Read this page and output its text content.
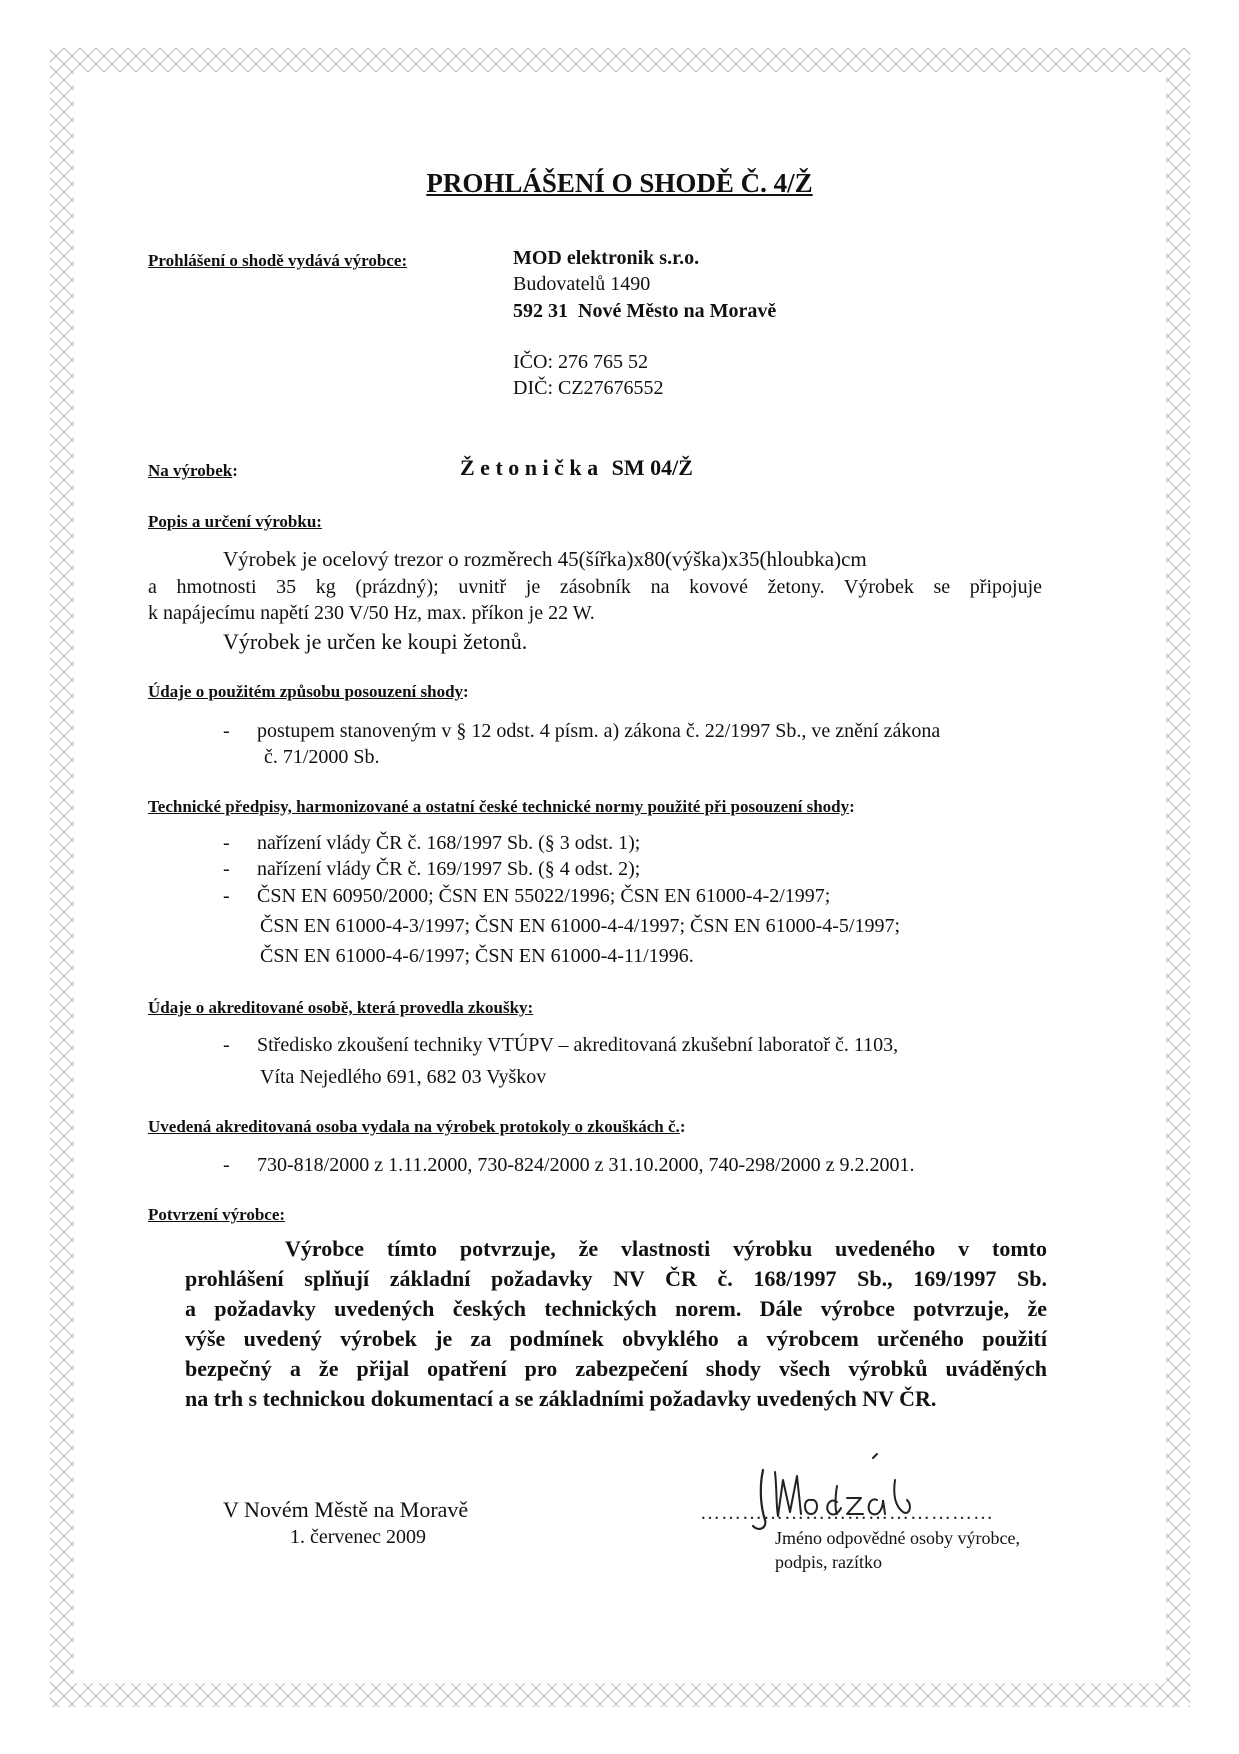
PROHLÁŠENÍ O SHODĚ Č. 4/Ž
Prohlášení o shodě vydává výrobce:	MOD elektronik s.r.o.
Budovatelů 1490
592 31  Nové Město na Moravě
IČO: 276 765 52
DIČ: CZ27676552
Na výrobek:	Ž e t o n i č k a SM 04/Ž
Popis a určení výrobku:
Výrobek je ocelový trezor o rozměrech 45(šířka)x80(výška)x35(hloubka)cm
a hmotnosti 35 kg (prázdný); uvnitř je zásobník na kovové žetony. Výrobek se připojuje
k napájecímu napětí 230 V/50 Hz, max. příkon je 22 W.
Výrobek je určen ke koupi žetonů.
Údaje o použitém způsobu posouzení shody:
- postupem stanoveným v § 12 odst. 4 písm. a) zákona č. 22/1997 Sb., ve znění zákona
č. 71/2000 Sb.
Technické předpisy, harmonizované a ostatní české technické normy použité při posouzení shody:
- nařízení vlády ČR č. 168/1997 Sb. (§ 3 odst. 1);
- nařízení vlády ČR č. 169/1997 Sb. (§ 4 odst. 2);
- ČSN EN 60950/2000; ČSN EN 55022/1996; ČSN EN 61000-4-2/1997;
ČSN EN 61000-4-3/1997; ČSN EN 61000-4-4/1997; ČSN EN 61000-4-5/1997;
ČSN EN 61000-4-6/1997; ČSN EN 61000-4-11/1996.
Údaje o akreditované osobě, která provedla zkoušky:
- Středisko zkoušení techniky VTÚPV – akreditovaná zkušební laboratoř č. 1103,
Víta Nejedlého 691, 682 03 Vyškov
Uvedená akreditovaná osoba vydala na výrobek protokoly o zkouškách č.:
- 730-818/2000 z 1.11.2000, 730-824/2000 z 31.10.2000, 740-298/2000 z 9.2.2001.
Potvrzení výrobce:
Výrobce tímto potvrzuje, že vlastnosti výrobku uvedeného v tomto
prohlášení splňují základní požadavky NV ČR č. 168/1997 Sb., 169/1997 Sb.
a požadavky uvedených českých technických norem. Dále výrobce potvrzuje, že
výše uvedený výrobek je za podmínek obvyklého a výrobcem určeného použití
bezpečný a že přijal opatření pro zabezpečení shody všech výrobků uváděných
na trh s technickou dokumentací a se základními požadavky uvedených NV ČR.
V Novém Městě na Moravě
1. červenec 2009
……………………………………
Jméno odpovědné osoby výrobce,
podpis, razítko
